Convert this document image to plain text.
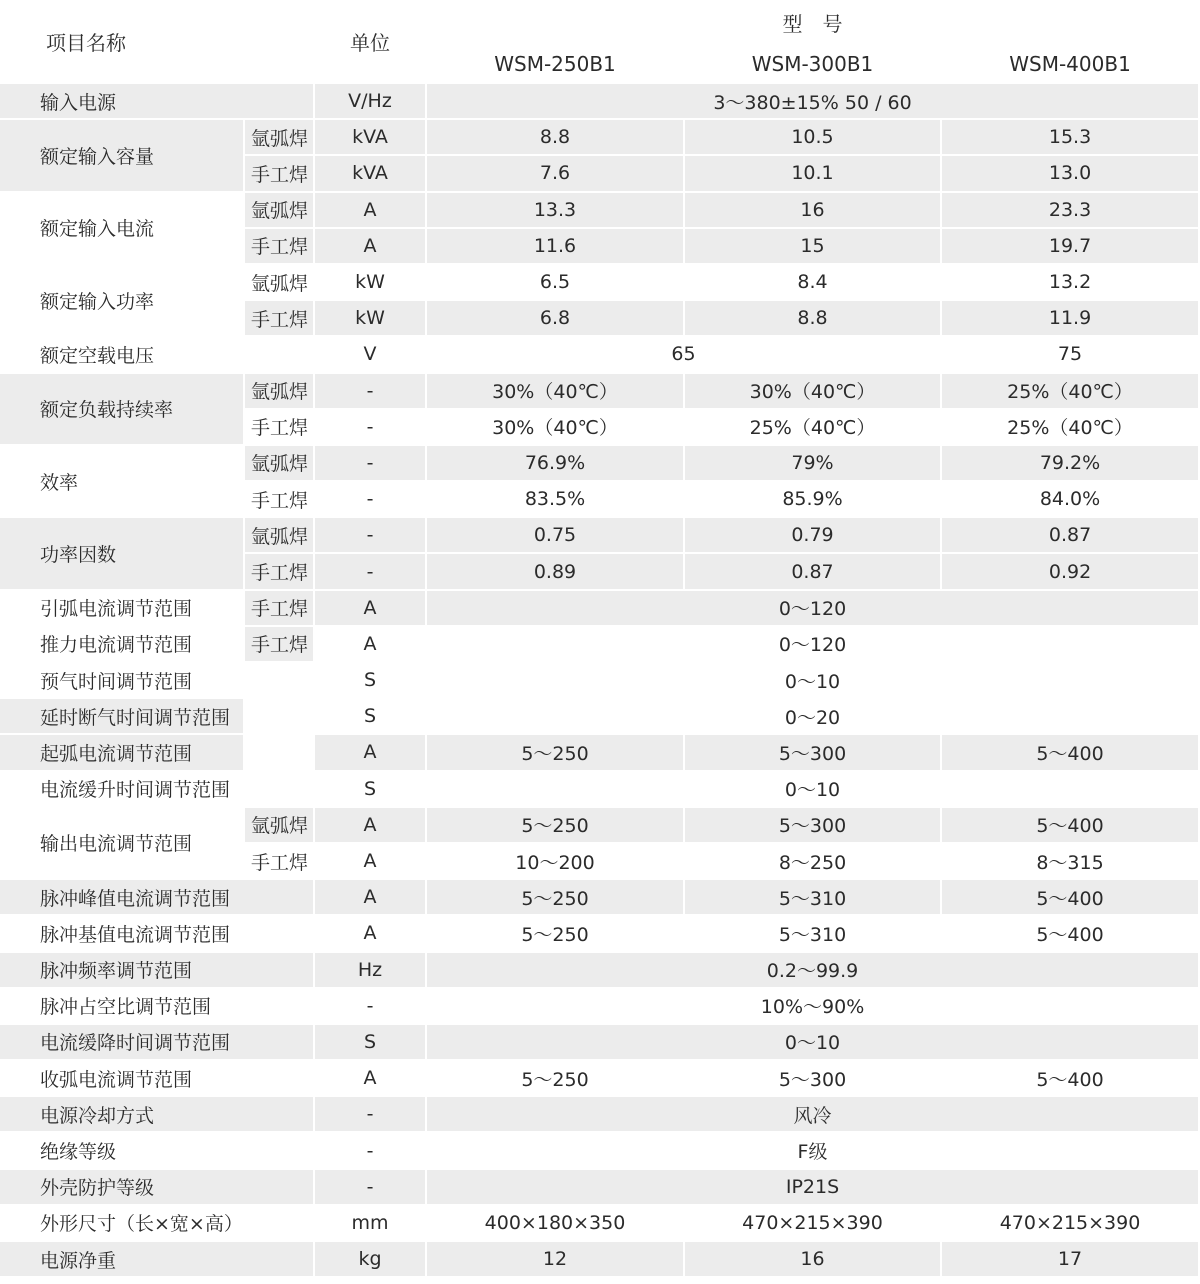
项目名称		单位	型　号		
			WSM-250B1	WSM-300B1	WSM-400B1
输入电源		V/Hz	3～380±15% 50 / 60		
额定输入容量	氩弧焊	kVA	8.8	10.5	15.3
	手工焊	kVA	7.6	10.1	13.0
额定输入电流	氩弧焊	A	13.3	16	23.3
	手工焊	A	11.6	15	19.7
额定输入功率	氩弧焊	kW	6.5	8.4	13.2
	手工焊	kW	6.8	8.8	11.9
额定空载电压		V	65		75
额定负载持续率	氩弧焊	-	30%（40℃）	30%（40℃）	25%（40℃）
	手工焊	-	30%（40℃）	25%（40℃）	25%（40℃）
效率	氩弧焊	-	76.9%	79%	79.2%
	手工焊	-	83.5%	85.9%	84.0%
功率因数	氩弧焊	-	0.75	0.79	0.87
	手工焊	-	0.89	0.87	0.92
引弧电流调节范围	手工焊	A	0～120		
推力电流调节范围	手工焊	A	0～120		
预气时间调节范围		S	0～10		
延时断气时间调节范围		S	0～20		
起弧电流调节范围		A	5～250	5～300	5～400
电流缓升时间调节范围		S	0～10		
输出电流调节范围	氩弧焊	A	5～250	5～300	5～400
	手工焊	A	10～200	8～250	8～315
脉冲峰值电流调节范围		A	5～250	5～310	5～400
脉冲基值电流调节范围		A	5～250	5～310	5～400
脉冲频率调节范围		Hz	0.2～99.9		
脉冲占空比调节范围		-	10%～90%		
电流缓降时间调节范围		S	0～10		
收弧电流调节范围		A	5～250	5～300	5～400
电源冷却方式		-	风冷		
绝缘等级		-	F级		
外壳防护等级		-	IP21S		
外形尺寸（长×宽×高）		mm	400×180×350	470×215×390	470×215×390
电源净重		kg	12	16	17
